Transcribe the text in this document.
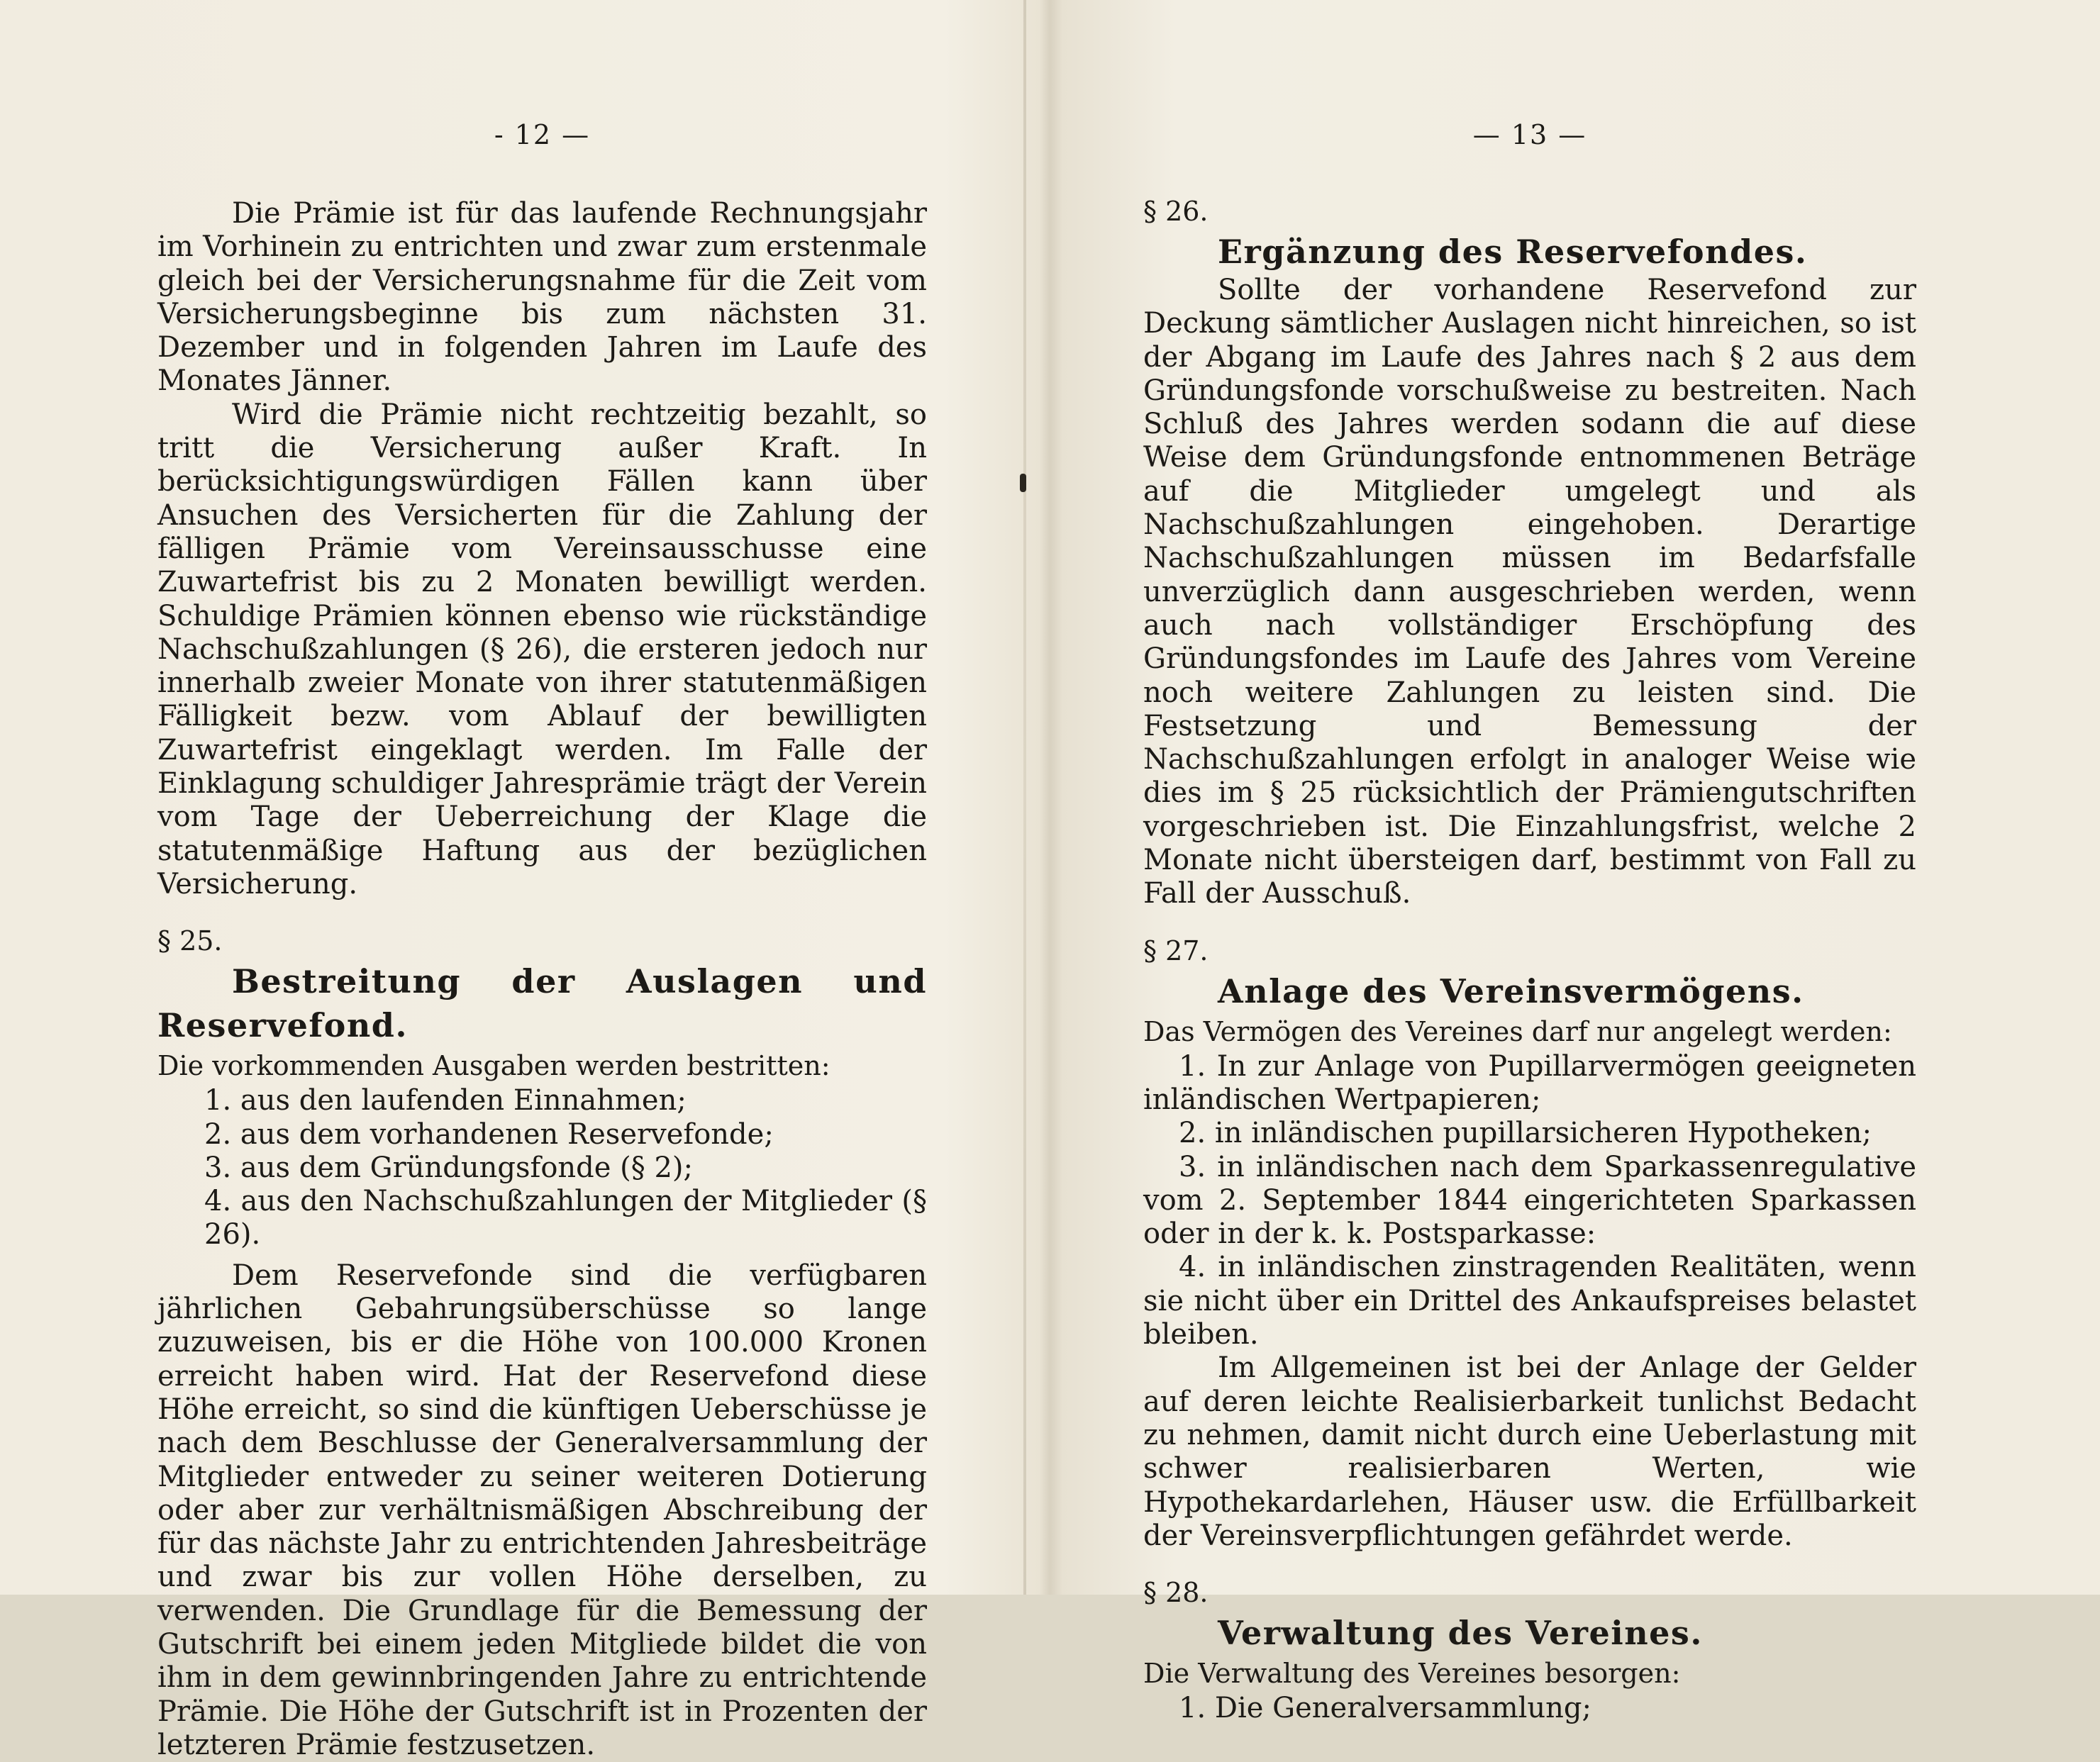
- 12 —

Die Prämie ist für das laufende Rechnungsjahr im Vorhinein zu entrichten und zwar zum erstenmale gleich bei der Versicherungsnahme für die Zeit vom Versicherungsbeginne bis zum nächsten 31. Dezember und in folgenden Jahren im Laufe des Monates Jänner.

Wird die Prämie nicht rechtzeitig bezahlt, so tritt die Versicherung außer Kraft. In berücksichtigungswürdigen Fällen kann über Ansuchen des Versicherten für die Zahlung der fälligen Prämie vom Vereinsausschusse eine Zuwartefrist bis zu 2 Monaten bewilligt werden. Schuldige Prämien können ebenso wie rückständige Nachschußzahlungen (§ 26), die ersteren jedoch nur innerhalb zweier Monate von ihrer statutenmäßigen Fälligkeit bezw. vom Ablauf der bewilligten Zuwartefrist eingeklagt werden. Im Falle der Einklagung schuldiger Jahresprämie trägt der Verein vom Tage der Ueberreichung der Klage die statutenmäßige Haftung aus der bezüglichen Versicherung.

§ 25.

Bestreitung der Auslagen und Reservefond.

Die vorkommenden Ausgaben werden bestritten:

1. aus den laufenden Einnahmen;

2. aus dem vorhandenen Reservefonde;

3. aus dem Gründungsfonde (§ 2);

4. aus den Nachschußzahlungen der Mitglieder (§ 26).

Dem Reservefonde sind die verfügbaren jährlichen Gebahrungsüberschüsse so lange zuzuweisen, bis er die Höhe von 100.000 Kronen erreicht haben wird. Hat der Reservefond diese Höhe erreicht, so sind die künftigen Ueberschüsse je nach dem Beschlusse der Generalversammlung der Mitglieder entweder zu seiner weiteren Dotierung oder aber zur verhältnismäßigen Abschreibung der für das nächste Jahr zu entrichtenden Jahresbeiträge und zwar bis zur vollen Höhe derselben, zu verwenden. Die Grundlage für die Bemessung der Gutschrift bei einem jeden Mitgliede bildet die von ihm in dem gewinnbringenden Jahre zu entrichtende Prämie. Die Höhe der Gutschrift ist in Prozenten der letzteren Prämie festzusetzen.

— 13 —

§ 26.

Ergänzung des Reservefondes.

Sollte der vorhandene Reservefond zur Deckung sämtlicher Auslagen nicht hinreichen, so ist der Abgang im Laufe des Jahres nach § 2 aus dem Gründungsfonde vorschußweise zu bestreiten. Nach Schluß des Jahres werden sodann die auf diese Weise dem Gründungsfonde entnommenen Beträge auf die Mitglieder umgelegt und als Nachschußzahlungen eingehoben. Derartige Nachschußzahlungen müssen im Bedarfsfalle unverzüglich dann ausgeschrieben werden, wenn auch nach vollständiger Erschöpfung des Gründungsfondes im Laufe des Jahres vom Vereine noch weitere Zahlungen zu leisten sind. Die Festsetzung und Bemessung der Nachschußzahlungen erfolgt in analoger Weise wie dies im § 25 rücksichtlich der Prämiengutschriften vorgeschrieben ist. Die Einzahlungsfrist, welche 2 Monate nicht übersteigen darf, bestimmt von Fall zu Fall der Ausschuß.

§ 27.

Anlage des Vereinsvermögens.

Das Vermögen des Vereines darf nur angelegt werden:

1. In zur Anlage von Pupillarvermögen geeigneten inländischen Wertpapieren;

2. in inländischen pupillarsicheren Hypotheken;

3. in inländischen nach dem Sparkassenregulative vom 2. September 1844 eingerichteten Sparkassen oder in der k. k. Postsparkasse:

4. in inländischen zinstragenden Realitäten, wenn sie nicht über ein Drittel des Ankaufspreises belastet bleiben.

Im Allgemeinen ist bei der Anlage der Gelder auf deren leichte Realisierbarkeit tunlichst Bedacht zu nehmen, damit nicht durch eine Ueberlastung mit schwer realisierbaren Werten, wie Hypothekardarlehen, Häuser usw. die Erfüllbarkeit der Vereinsverpflichtungen gefährdet werde.

§ 28.

Verwaltung des Vereines.

Die Verwaltung des Vereines besorgen:

1. Die Generalversammlung;
